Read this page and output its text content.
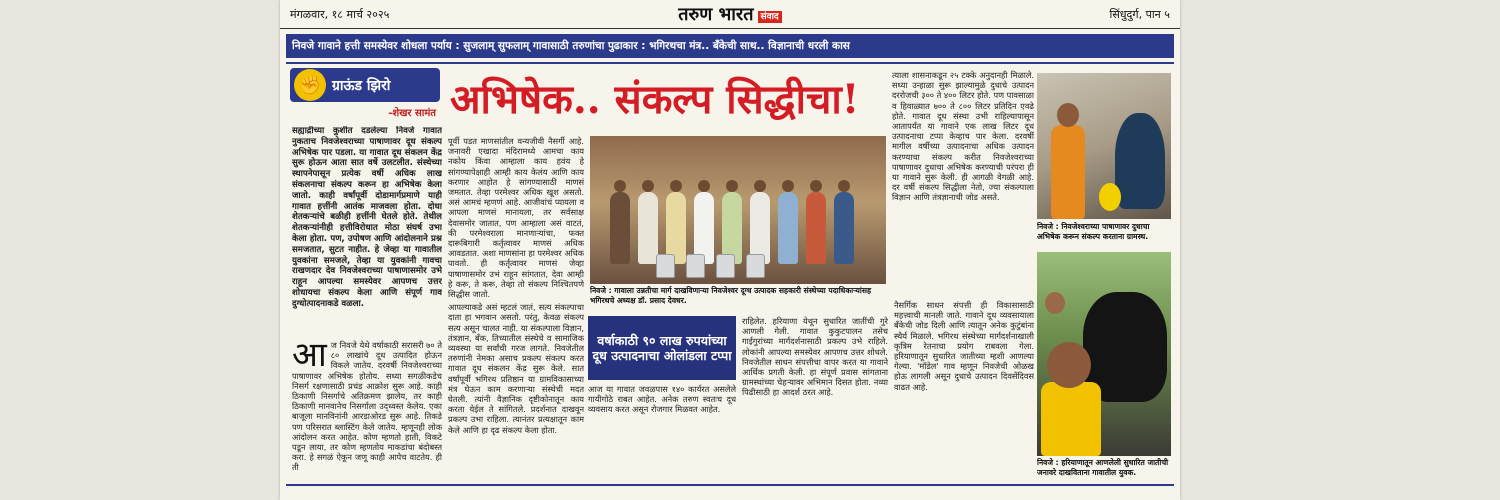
मंगळवार, १८ मार्च २०२५	तरुण भारत संवाद	सिंधुदुर्ग, पान ५
निवजे गावाने हत्ती समस्येवर शोधला पर्याय : सुजलाम् सुफलाम् गावासाठी तरुणांचा पुढाकार : भगिरथचा मंत्र.. बँकेची साथ.. विज्ञानाची धरली कास
✊ ग्राऊंड झिरो
-शेखर सामंत अभिषेक.. संकल्प सिद्धीचा!

सह्याद्रीच्या कुशीत दडलेल्या निवजे गावात नुकताच निवजेश्वराच्या पाषाणावर दूध संकल्प अभिषेक पार पडला. या गावात दूध संकलन केंद्र सुरू होऊन आता सात वर्षे उलटलीत. संस्थेच्या स्थापनेपासून प्रत्येक वर्षी अधिक लाख संकलनाचा संकल्प करून हा अभिषेक केला जातो. काही वर्षांपूर्वी दोडामार्गप्रमाणे याही गावात हत्तींनी आतंक माजवला होता. दोधा शेतकऱ्यांचे बळीही हत्तींनी घेतले होते. तेथील शेतकऱ्यांनीही हत्तीविरोधात मोठा संघर्ष उभा केला होता. पण, उपोषण आणि आंदोलनाने प्रश्न समजतात, सुटत नाहीत. हे जेव्हा या गावातील युवकांना समजले, तेव्हा या युवकांनी गावचा राखणदार देव निवजेश्वराच्या पाषाणासमोर उभे राहून आपल्या समस्येवर आपणच उत्तर शोधायचा संकल्प केला आणि संपूर्ण गाव दुग्धोत्पादनाकडे वळला.

आज निवजे येथे वर्षाकाठी सरासरी ७० ते ८० लाखांचे दूध उत्पादित होऊन विकले जातेय. दरवर्षी निवजेश्वराच्या पाषाणावर अभिषेक होतोय. सध्या सगळीकडेच निसर्ग रक्षणासाठी प्रचंड आक्रोश सुरू आहे. काही ठिकाणी निसर्गाचे अतिक्रमण झालेय, तर काही ठिकाणी मानवानेच निसर्गाला उद्ध्वस्त केलेय. एका बाजूला मानविनांनी आरडाओरड सुरू आहे. तिकडे पण परिसरात ब्लास्टिंग केले जातेय. म्हणूनही लोक आंदोलन करत आहेत. कोण म्हणतो हाती, विकटे पडून लाया, तर कोण म्हणतोय माकडांचा बंदोबस्त करा. हे सगळं ऐकून जणू काही आपेच वाटतेय. ही ती

पूर्वी पडत माणसांतील वन्यजीवी नैसर्गी आहे. जनावरी एखादा मंदिरामध्ये आमचा काय नकोय किंवा आम्हाला काय हवंय हे सांगण्यापेक्षाही आम्ही काय केलंय आणि काय करणार आहोत हे सांगण्यासाठी माणसं जमतात. तेव्हा परमेश्वर अधिक खूश असतो. असं आमचं म्हणणं आहे. आजीवांचं प्यायला व आपला माणसं मानायला, तर सर्वसाक्ष देवासमोर जातात, पण आम्हाला असं वाटतं, की परमेश्वराला मानणाऱ्यांचा, फक्त दारूबिगारी कर्तृत्वावर माणसं अधिक आवडतात. अशा माणसांना हा परमेश्वर अधिक पावतो. ही कर्तृत्वावर माणसं जेव्हा पाषाणासमोर उभं राहून सांगतात, देवा आम्ही हे करू, ते करू, तेव्हा तो संकल्प निश्चितपणे सिद्धीस जातो.

आपल्याकडे असं म्हटलं जातं, सत्य संकल्पाचा दाता हा भगवान असतो. परंतु, केवळ संकल्प सत्य असून चालत नाही. या संकल्पाला विज्ञान, तंत्रज्ञान, बँक, तिच्यातील संस्थेचे व सामाजिक व्यवस्था या सर्वांची गरज लागते. निवजेतील तरुणांनी नेमका असाच प्रकल्प संकल्प करत गावात दूध संकलन केंद्र सुरू केले. सात वर्षांपूर्वी भगिरथ प्रतिष्ठान या ग्रामविकासाच्या मंत्र घेऊन काम करणाऱ्या संस्थेची मदत घेतली. त्यांनी वैज्ञानिक दृष्टीकोनातून काय करता येईल ते सांगितले. प्रदर्शनात दाखवून प्रकल्प उभा राहिला. त्यानंतर प्रत्यक्षातून काम केले आणि हा दृढ संकल्प केला होता.

निवजे : गावाला उन्नतीचा मार्ग दाखविणाऱ्या निवजेश्वर दूग्ध उत्पादक सहकारी संस्थेच्या पदाधिकाऱ्यांसह भगिरथचे अध्यक्ष डॉ. प्रसाद देवधर.
वर्षाकाठी ९० लाख रुपयांच्या दूध उत्पादनाचा ओलांडला टप्पा

आज या गावात जवळपास १४० कार्यरत असलेले गायीगोठे राबत आहेत. अनेक तरुण स्वतःच दूध व्यवसाय करत असून रोजगार मिळवत आहेत.

राहिलेत. हरियाणा येथून सुधारित जातींची गुरे आणली गेली. गावात कुकुटपालन तसेच गाईगुरांच्या मार्गदर्शनासाठी प्रकल्प उभे राहिले. लोकांनी आपल्या समस्येवर आपणच उत्तर शोधले. निवजेतील साधन संपत्तीचा वापर करत या गावाने आर्थिक प्रगती केली. हा संपूर्ण प्रवास सांगताना ग्रामस्थांच्या चेहऱ्यावर अभिमान दिसत होता. नव्या पिढीसाठी हा आदर्श ठरत आहे.

नैसर्गिक साधन संपत्ती ही विकासासाठी महत्त्वाची मानली जाते. गावाने दूध व्यवसायाला बँकेची जोड दिली आणि त्यातून अनेक कुटुंबांना स्थैर्य मिळाले. भगिरथ संस्थेच्या मार्गदर्शनाखाली कृत्रिम रेतनाचा प्रयोग राबवला गेला. हरियाणातून सुधारित जातीच्या म्हशी आणल्या गेल्या. 'मॉडेल' गाव म्हणून निवजेची ओळख होऊ लागली असून दुधाचे उत्पादन दिवसेंदिवस वाढत आहे.

त्याला शासनाकडून २५ टक्के अनुदानही मिळाले. सध्या उन्हाळा सुरू झाल्यामुळे दुधाचे उत्पादन दररोजची ३०० ते ४०० लिटर होते. पण पावसाळा व हिवाळ्यात ७०० ते ८०० लिटर प्रतिदिन एवढे होते. गावात दूध संस्था उभी राहिल्यापासून आतापर्यंत या गावाने एक लाख लिटर दूध उत्पादनाचा टप्पा केव्हाच पार केला. दरवर्षी मागील वर्षीच्या उत्पादनाचा अधिक उत्पादन करण्याचा संकल्प करीत निवजेश्वराच्या पाषाणावर दुधाचा अभिषेक करण्याची परंपरा ही या गावाने सुरू केली. ही आगळी वेगळी आहे. दर वर्षी संकल्प सिद्धीला नेतो, ज्या संकल्पाला विज्ञान आणि तंत्रज्ञानाची जोड असते.

निवजे : निवजेश्वराच्या पाषाणावर दुधाचा अभिषेक करून संकल्प करताना ग्रामस्थ.
निवजे : हरियाणातून आणलेली सुधारित जातीची जनावरे दाखविताना गावातील युवक.
